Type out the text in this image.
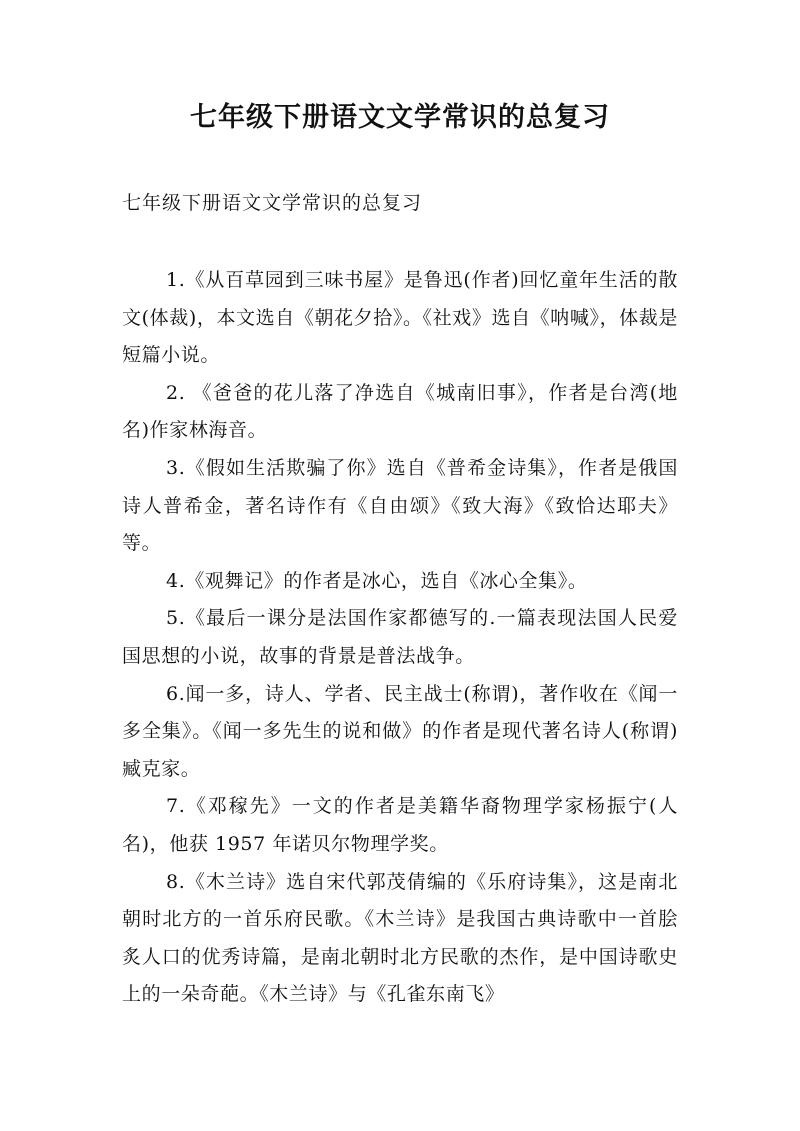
七年级下册语文文学常识的总复习
七年级下册语文文学常识的总复习

1.《从百草园到三味书屋》是鲁迅(作者)回忆童年生活的散文(体裁)，本文选自《朝花夕拾》。《社戏》选自《呐喊》，体裁是短篇小说。

2. 《爸爸的花儿落了净选自《城南旧事》，作者是台湾(地名)作家林海音。

3.《假如生活欺骗了你》选自《普希金诗集》，作者是俄国诗人普希金，著名诗作有《自由颂》《致大海》《致恰达耶夫》等。

4.《观舞记》的作者是冰心，选自《冰心全集》。

5.《最后一课分是法国作家都德写的.一篇表现法国人民爱国思想的小说，故事的背景是普法战争。

6.闻一多，诗人、学者、民主战士(称谓)，著作收在《闻一多全集》。《闻一多先生的说和做》的作者是现代著名诗人(称谓)臧克家。

7.《邓稼先》一文的作者是美籍华裔物理学家杨振宁(人名)，他获 1957 年诺贝尔物理学奖。

8.《木兰诗》选自宋代郭茂倩编的《乐府诗集》，这是南北朝时北方的一首乐府民歌。《木兰诗》是我国古典诗歌中一首脍炙人口的优秀诗篇，是南北朝时北方民歌的杰作，是中国诗歌史上的一朵奇葩。《木兰诗》与《孔雀东南飞》
